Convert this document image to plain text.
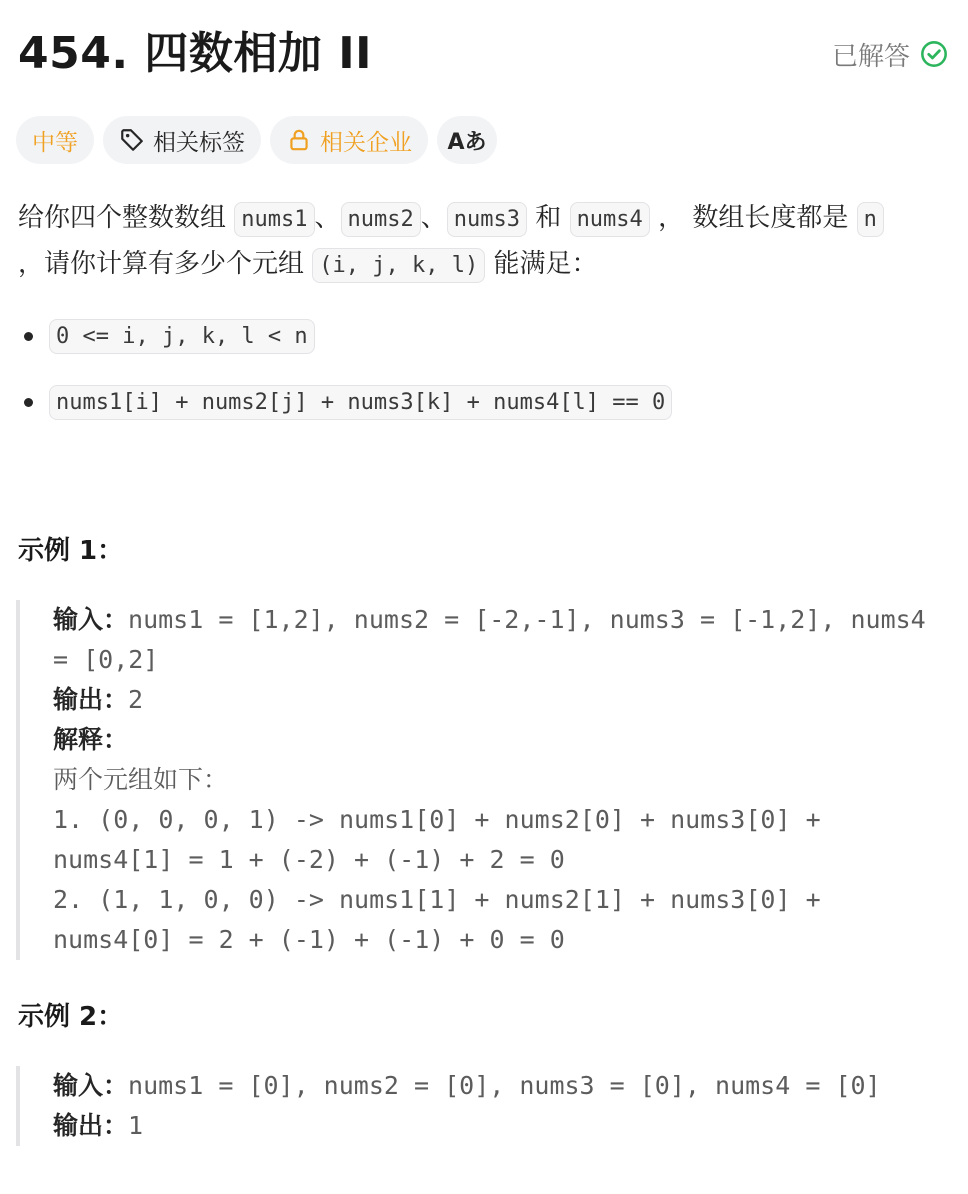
454. 四数相加 II	已解答
中等	相关标签	相关企业 Aあ
给你四个整数数组 nums1 、 nums2 、 nums3 和 nums4 ， 数组长度都是 n
，请你计算有多少个元组 (i, j, k, l) 能满足：
0 <= i, j, k, l < n
nums1[i] + nums2[j] + nums3[k] + nums4[l] == 0
示例 1：
输入：nums1 = [1,2], nums2 = [-2,-1], nums3 = [-1,2], nums4 = [0,2]
输出：2
解释：
两个元组如下：
1. (0, 0, 0, 1) -> nums1[0] + nums2[0] + nums3[0] + nums4[1] = 1 + (-2) + (-1) + 2 = 0
2. (1, 1, 0, 0) -> nums1[1] + nums2[1] + nums3[0] + nums4[0] = 2 + (-1) + (-1) + 0 = 0
示例 2：
输入：nums1 = [0], nums2 = [0], nums3 = [0], nums4 = [0]
输出：1
